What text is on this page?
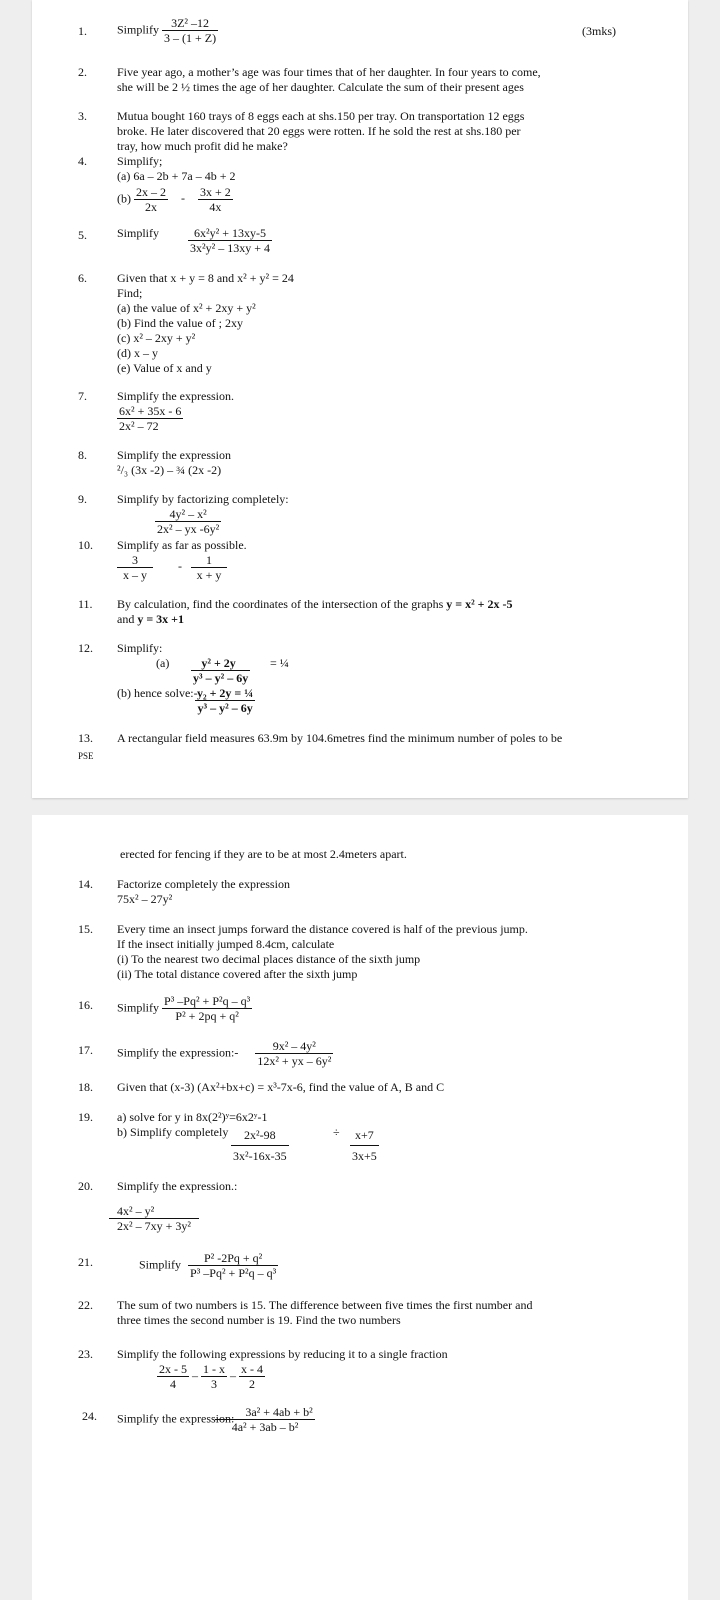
1.	Simplify $\frac{\text{3Z² –12}}{3 - (1 + Z)}$	(3mks)
2.	Five year ago, a mother’s age was four times that of her daughter. In four years to come,
she will be 2 ½ times the age of her daughter. Calculate the sum of their present ages
3.	Mutua bought 160 trays of 8 eggs each at shs.150 per tray. On transportation 12 eggs
broke. He later discovered that 20 eggs were rotten. If he sold the rest at shs.180 per
tray, how much profit did he make?
4.	Simplify;
(a) 6a – 2b + 7a – 4b + 2
$(b) \frac{2x - 2}{2x} - \frac{3x + 2}{4x}$
5.	Simplify $\frac{\text{6x²y² + 13xy-5}}{\text{3x²y² – 13xy + 4}}$
6.	Given that x + y = 8 and x² + y² = 24
Find;
(a) the value of x² + 2xy + y²
(b) Find the value of ; 2xy
(c) x² – 2xy + y²
(d) x – y
(e) Value of x and y
7.	Simplify the expression.
$\frac{\text{6x² + 35x - 6}}{\text{2x² – 72}}$
8.	Simplify the expression
²/₃ (3x -2) – ¾ (2x -2)
9.	Simplify by factorizing completely:
$\frac{\text{4y² – x²}}{\text{2x² – yx -6y²}}$
10. Simplify as far as possible.
$\frac{3}{x - y} - \frac{1}{x + y}$
11. By calculation, find the coordinates of the intersection of the graphs y = x² + 2x -5
and y = 3x +1
12. Simplify:
$(a) \frac{\text{y² + 2y}}{\text{y³ – y² – 6y}}$ = ¼
(b) hence solve:-
$\frac{\text{y₂ + 2y = ¼}}{\text{y³ – y² – 6y}}$
13. A rectangular field measures 63.9m by 104.6metres find the minimum number of poles to be
PSE
erected for fencing if they are to be at most 2.4meters apart.
14. Factorize completely the expression
75x² – 27y²
15. Every time an insect jumps forward the distance covered is half of the previous jump.
If the insect initially jumped 8.4cm, calculate
(i) To the nearest two decimal places distance of the sixth jump
(ii) The total distance covered after the sixth jump
16. Simplify $\frac{\text{P³ –Pq² + P²q – q³}}{\text{P² + 2pq + q²}}$
17. Simplify the expression:- $\frac{\text{9x² – 4y²}}{\text{12x² + yx – 6y²}}$
18. Given that (x-3) (Ax²+bx+c) = x³-7x-6, find the value of A, B and C
19. a) solve for y in 8x(2²)ʸ=6x2ʸ-1
b) Simplify completely $\frac{\text{2x²-98}}{\text{3x²-16x-35}}$	÷ $\frac{x+7}{3x+5}$
20. Simplify the expression.:
$\frac{\text{4x² – y²}}{\text{2x² – 7xy + 3y²}}$
21.	Simplify $\frac{\text{P² -2Pq + q²}}{\text{P³ –Pq² + P²q – q³}}$
22. The sum of two numbers is 15. The difference between five times the first number and
three times the second number is 19. Find the two numbers
23. Simplify the following expressions by reducing it to a single fraction
$\frac{2x - 5}{4} - \frac{1 - x}{3} - \frac{x - 4}{2}$
24. Simplify the expression:-
$\frac{\text{3a² + 4ab + b²}}{\text{4a² + 3ab – b²}}$
